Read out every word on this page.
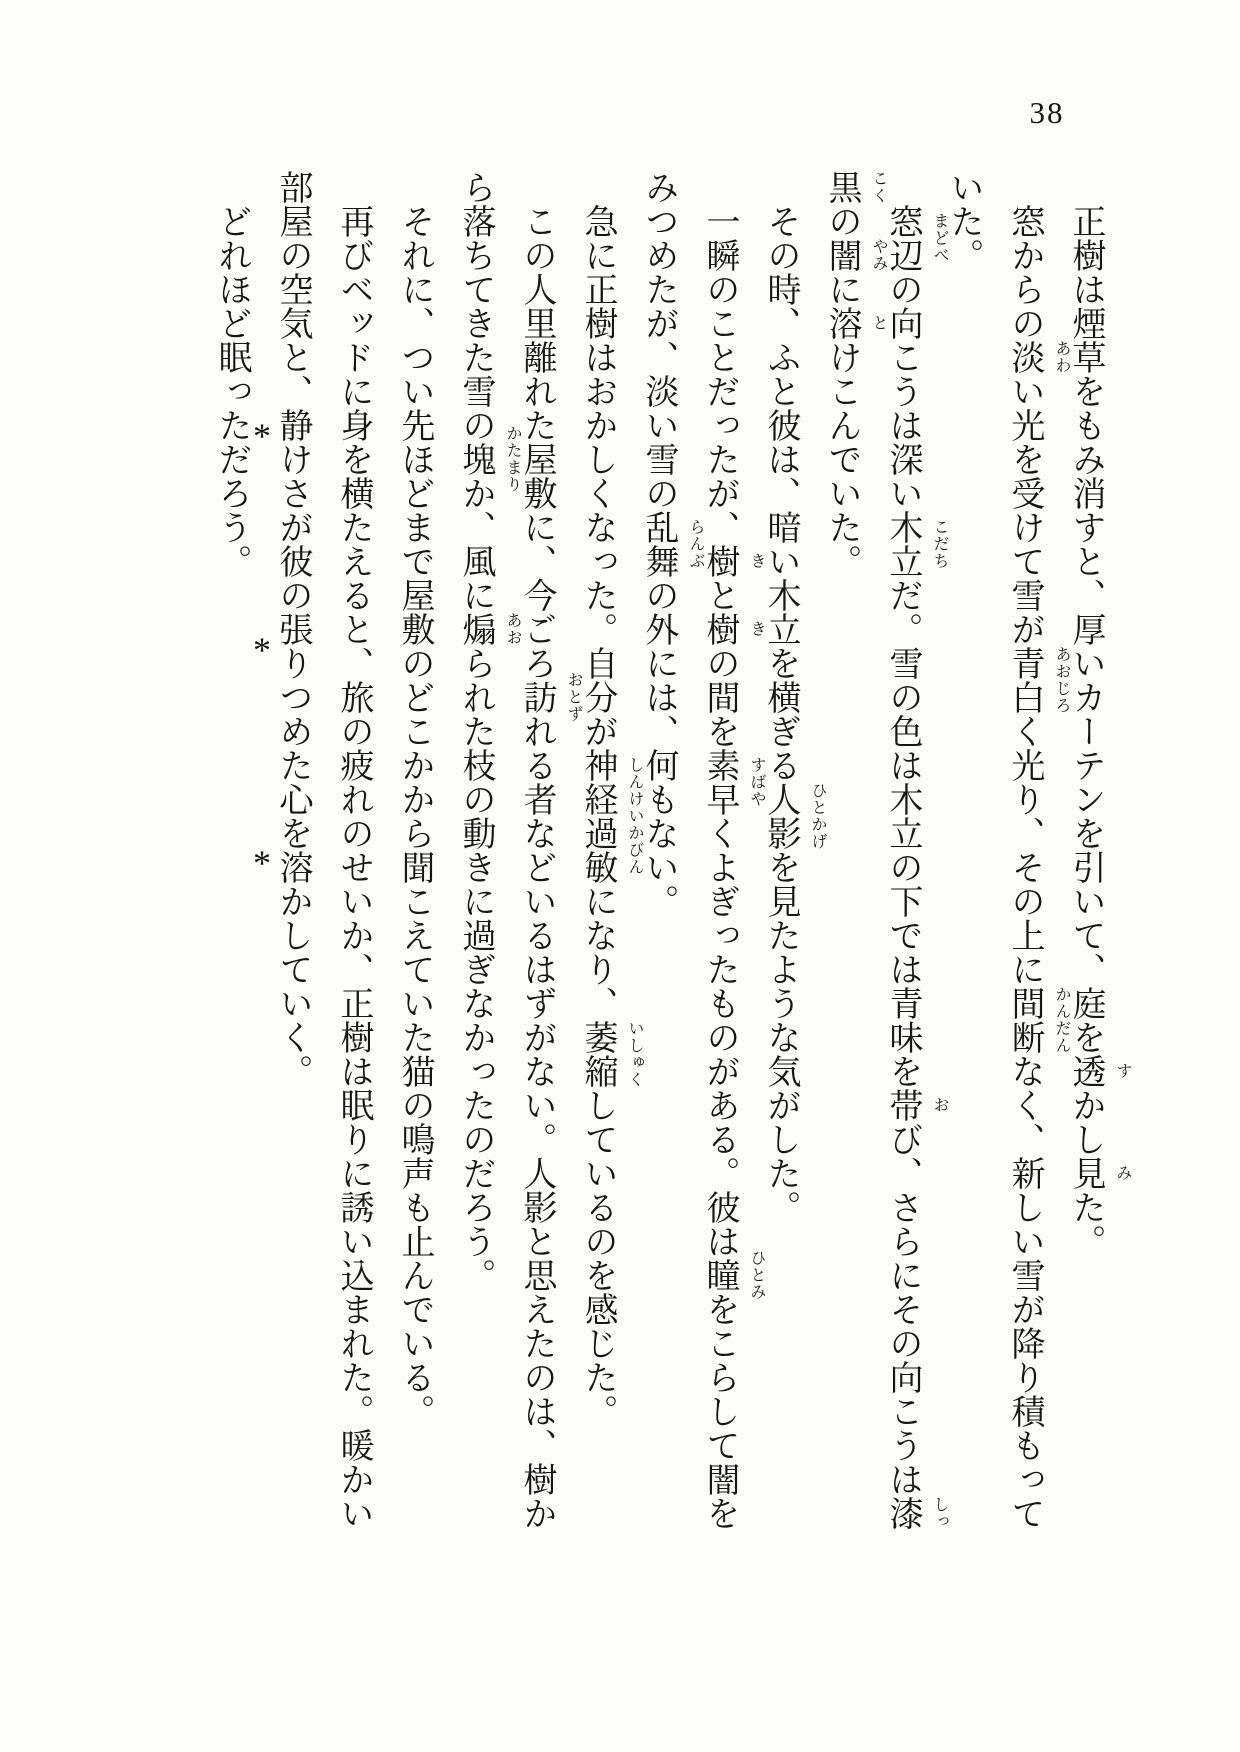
38
正樹は煙草をもみ消すと、厚いカーテンを引いて、庭を透 す
かし見 み
た。
窓からの淡 あわ
い光を受けて雪が青白 あおじろ
く光り、その上に間断 かんだん
なく、新しい雪が降り積もって
いた。
窓辺 まどべ
の向こうは深い木立 こだち
だ。雪の色は木立の下では青味を帯 お
び、さらにその向こうは漆 しっ
黒 こく
の闇 やみ
に溶 と
けこんでいた。
その時、ふと彼は、暗い木立を横ぎる人影 ひとかげ
を見たような気がした。
一瞬のことだったが、樹 き
と樹 き
の間を素早 すばや
くよぎったものがある。彼は瞳 ひとみ
をこらして闇を
みつめたが、淡い雪の乱舞 らんぶ
の外には、何もない。
急に正樹はおかしくなった。自分が神経過敏 しんけいかびん
になり、萎縮 いしゅく
しているのを感じた。
この人里離れた屋敷に、今ごろ訪 おとず
れる者などいるはずがない。人影と思えたのは、樹か
ら落ちてきた雪の塊 かたまり
か、風に煽 あお
られた枝の動きに過ぎなかったのだろう。
それに、つい先ほどまで屋敷のどこかから聞こえていた猫の鳴声も止んでいる。
再びベッドに身を横たえると、旅の疲れのせいか、正樹は眠りに誘い込まれた。暖かい
部屋の空気と、静けさが彼の張りつめた心を溶かしていく。
*
*
*
どれほど眠っただろう。
